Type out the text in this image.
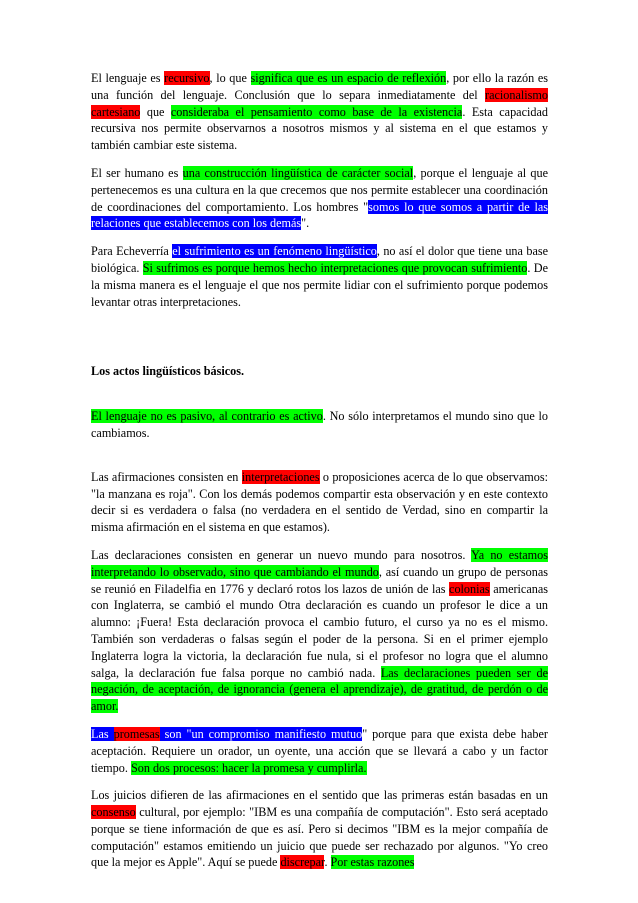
El lenguaje es recursivo, lo que significa que es un espacio de reflexión, por ello la razón es una función del lenguaje. Conclusión que lo separa inmediatamente del racionalismo cartesiano que consideraba el pensamiento como base de la existencia. Esta capacidad recursiva nos permite observarnos a nosotros mismos y al sistema en el que estamos y también cambiar este sistema.

El ser humano es una construcción lingüística de carácter social, porque el lenguaje al que pertenecemos es una cultura en la que crecemos que nos permite establecer una coordinación de coordinaciones del comportamiento. Los hombres "somos lo que somos a partir de las relaciones que establecemos con los demás".

Para Echeverría el sufrimiento es un fenómeno lingüístico, no así el dolor que tiene una base biológica. Si sufrimos es porque hemos hecho interpretaciones que provocan sufrimiento. De la misma manera es el lenguaje el que nos permite lidiar con el sufrimiento porque podemos levantar otras interpretaciones.

Los actos lingüísticos básicos.

El lenguaje no es pasivo, al contrario es activo. No sólo interpretamos el mundo sino que lo cambiamos.

Las afirmaciones consisten en interpretaciones o proposiciones acerca de lo que observamos: "la manzana es roja". Con los demás podemos compartir esta observación y en este contexto decir si es verdadera o falsa (no verdadera en el sentido de Verdad, sino en compartir la misma afirmación en el sistema en que estamos).

Las declaraciones consisten en generar un nuevo mundo para nosotros. Ya no estamos interpretando lo observado, sino que cambiando el mundo, así cuando un grupo de personas se reunió en Filadelfia en 1776 y declaró rotos los lazos de unión de las colonias americanas con Inglaterra, se cambió el mundo Otra declaración es cuando un profesor le dice a un alumno: ¡Fuera! Esta declaración provoca el cambio futuro, el curso ya no es el mismo. También son verdaderas o falsas según el poder de la persona. Si en el primer ejemplo Inglaterra logra la victoria, la declaración fue nula, si el profesor no logra que el alumno salga, la declaración fue falsa porque no cambió nada. Las declaraciones pueden ser de negación, de aceptación, de ignorancia (genera el aprendizaje), de gratitud, de perdón o de amor.

Las promesas son "un compromiso manifiesto mutuo" porque para que exista debe haber aceptación. Requiere un orador, un oyente, una acción que se llevará a cabo y un factor tiempo. Son dos procesos: hacer la promesa y cumplirla.

Los juicios difieren de las afirmaciones en el sentido que las primeras están basadas en un consenso cultural, por ejemplo: "IBM es una compañía de computación". Esto será aceptado porque se tiene información de que es así. Pero si decimos "IBM es la mejor compañía de computación" estamos emitiendo un juicio que puede ser rechazado por algunos. "Yo creo que la mejor es Apple". Aquí se puede discrepar. Por estas razones
